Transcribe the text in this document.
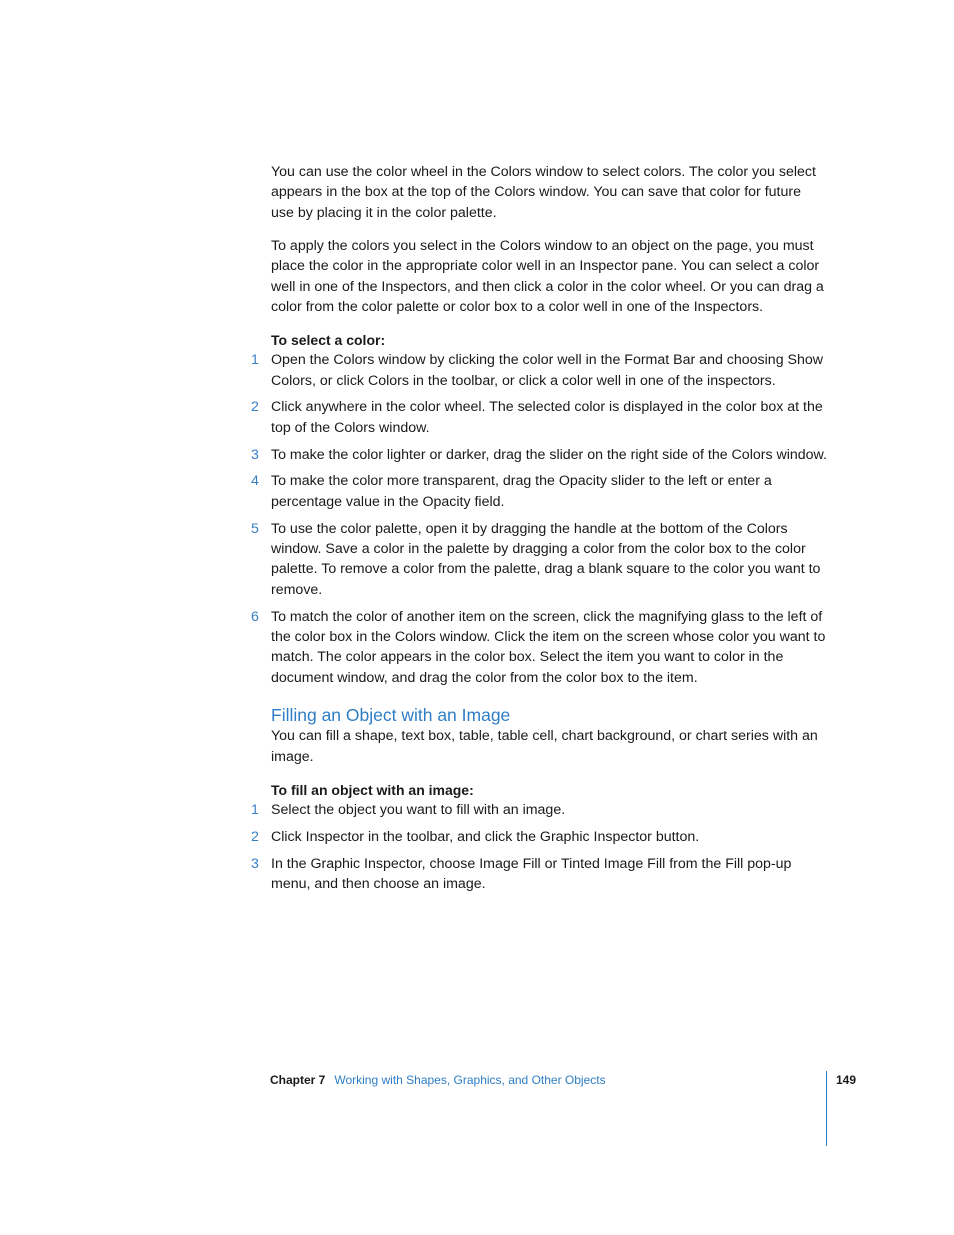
You can use the color wheel in the Colors window to select colors. The color you select appears in the box at the top of the Colors window. You can save that color for future use by placing it in the color palette.

To apply the colors you select in the Colors window to an object on the page, you must place the color in the appropriate color well in an Inspector pane. You can select a color well in one of the Inspectors, and then click a color in the color wheel. Or you can drag a color from the color palette or color box to a color well in one of the Inspectors.

To select a color:

1 Open the Colors window by clicking the color well in the Format Bar and choosing Show Colors, or click Colors in the toolbar, or click a color well in one of the inspectors.
2 Click anywhere in the color wheel. The selected color is displayed in the color box at the top of the Colors window.
3 To make the color lighter or darker, drag the slider on the right side of the Colors window.
4 To make the color more transparent, drag the Opacity slider to the left or enter a percentage value in the Opacity field.
5 To use the color palette, open it by dragging the handle at the bottom of the Colors window. Save a color in the palette by dragging a color from the color box to the color palette. To remove a color from the palette, drag a blank square to the color you want to remove.
6 To match the color of another item on the screen, click the magnifying glass to the left of the color box in the Colors window. Click the item on the screen whose color you want to match. The color appears in the color box. Select the item you want to color in the document window, and drag the color from the color box to the item.
Filling an Object with an Image

You can fill a shape, text box, table, table cell, chart background, or chart series with an image.

To fill an object with an image:

1 Select the object you want to fill with an image.
2 Click Inspector in the toolbar, and click the Graphic Inspector button.
3 In the Graphic Inspector, choose Image Fill or Tinted Image Fill from the Fill pop-up menu, and then choose an image.
Chapter 7 Working with Shapes, Graphics, and Other Objects	149
